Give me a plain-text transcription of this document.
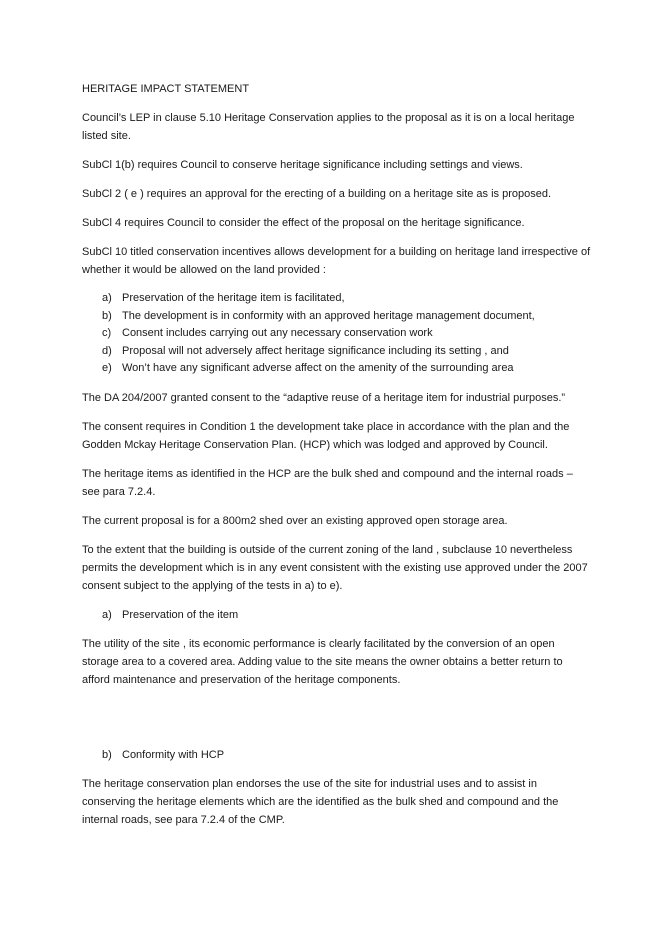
HERITAGE IMPACT STATEMENT

Council’s LEP in clause 5.10 Heritage Conservation applies to the proposal as it is on a local heritage listed site.

SubCl 1(b) requires Council to conserve heritage significance including settings and views.

SubCl 2 ( e ) requires an approval for the erecting of a building on a heritage site as is proposed.

SubCl 4 requires Council to consider the effect of the proposal on the heritage significance.

SubCl 10 titled conservation incentives allows development for a building on heritage land irrespective of whether it would be allowed on the land provided :

a) Preservation of the heritage item is facilitated,
b) The development is in conformity with an approved heritage management document,
c) Consent includes carrying out any necessary conservation work
d) Proposal will not adversely affect heritage significance including its setting , and
e) Won’t have any significant adverse affect on the amenity of the surrounding area

The DA 204/2007 granted consent to the “adaptive reuse of a heritage item for industrial purposes.”

The consent requires in Condition 1 the development take place in accordance with the plan and the Godden Mckay Heritage Conservation Plan. (HCP) which was lodged and approved by Council.

The heritage items as identified in the HCP are the bulk shed and compound and the internal roads – see para 7.2.4.

The current proposal is for a 800m2 shed over an existing approved open storage area.

To the extent that the building is outside of the current zoning of the land , subclause 10 nevertheless permits the development which is in any event consistent with the existing use approved under the 2007 consent subject to the applying of the tests in a) to e).

a) Preservation of the item

The utility of the site , its economic performance is clearly facilitated by the conversion of an open storage area to a covered area. Adding value to the site means the owner obtains a better return to afford maintenance and preservation of the heritage components.

b) Conformity with HCP

The heritage conservation plan endorses the use of the site for industrial uses and to assist in conserving the heritage elements which are the identified as the bulk shed and compound and the internal roads, see para 7.2.4 of the CMP.
